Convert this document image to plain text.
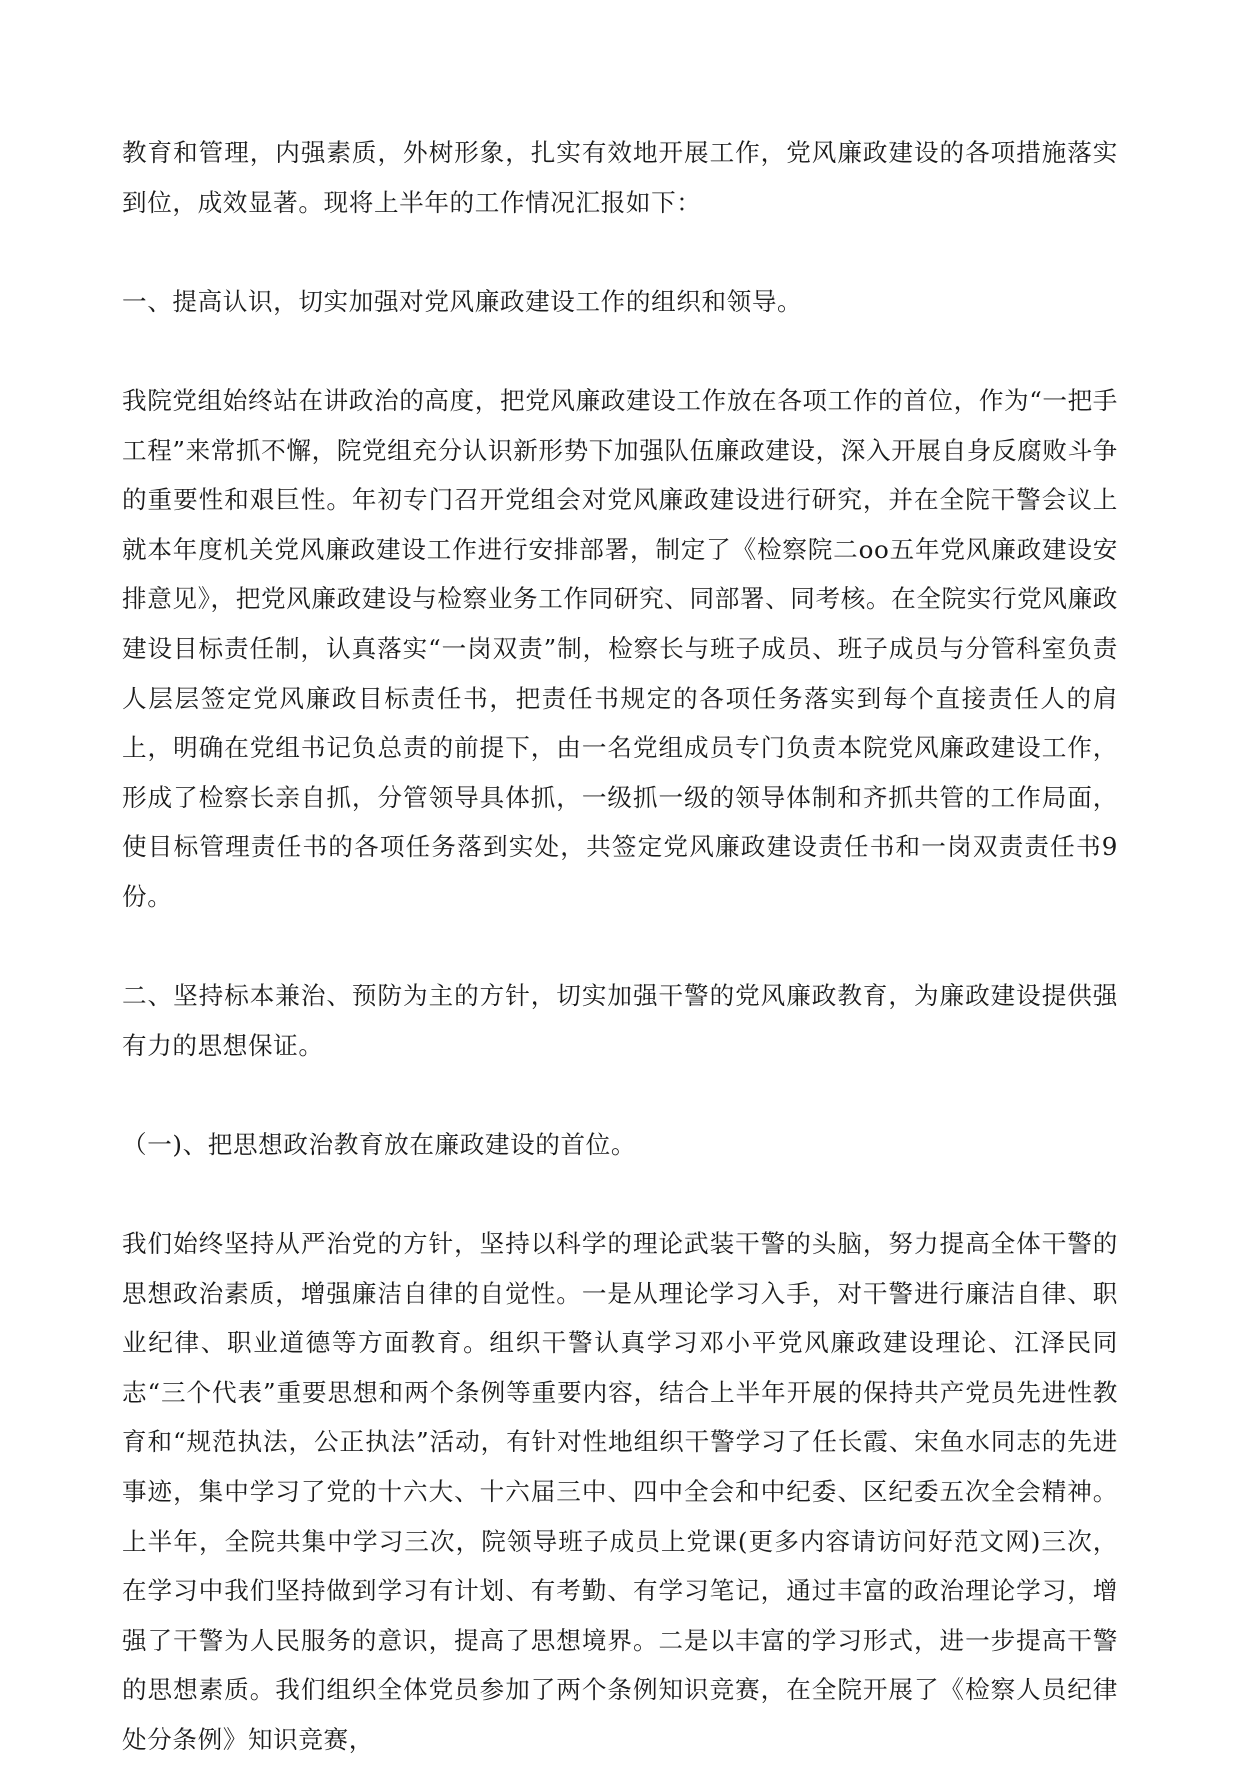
教育和管理，内强素质，外树形象，扎实有效地开展工作，党风廉政建设的各项措施落实到位，成效显著。现将上半年的工作情况汇报如下：

一、提高认识，切实加强对党风廉政建设工作的组织和领导。

我院党组始终站在讲政治的高度，把党风廉政建设工作放在各项工作的首位，作为“一把手工程”来常抓不懈，院党组充分认识新形势下加强队伍廉政建设，深入开展自身反腐败斗争的重要性和艰巨性。年初专门召开党组会对党风廉政建设进行研究，并在全院干警会议上就本年度机关党风廉政建设工作进行安排部署，制定了《检察院二oo五年党风廉政建设安排意见》，把党风廉政建设与检察业务工作同研究、同部署、同考核。在全院实行党风廉政建设目标责任制，认真落实“一岗双责”制，检察长与班子成员、班子成员与分管科室负责人层层签定党风廉政目标责任书，把责任书规定的各项任务落实到每个直接责任人的肩上，明确在党组书记负总责的前提下，由一名党组成员专门负责本院党风廉政建设工作，形成了检察长亲自抓，分管领导具体抓，一级抓一级的领导体制和齐抓共管的工作局面，使目标管理责任书的各项任务落到实处，共签定党风廉政建设责任书和一岗双责责任书9份。

二、坚持标本兼治、预防为主的方针，切实加强干警的党风廉政教育，为廉政建设提供强有力的思想保证。

（一)、把思想政治教育放在廉政建设的首位。

我们始终坚持从严治党的方针，坚持以科学的理论武装干警的头脑，努力提高全体干警的思想政治素质，增强廉洁自律的自觉性。一是从理论学习入手，对干警进行廉洁自律、职业纪律、职业道德等方面教育。组织干警认真学习邓小平党风廉政建设理论、江泽民同志“三个代表”重要思想和两个条例等重要内容，结合上半年开展的保持共产党员先进性教育和“规范执法，公正执法”活动，有针对性地组织干警学习了任长霞、宋鱼水同志的先进事迹，集中学习了党的十六大、十六届三中、四中全会和中纪委、区纪委五次全会精神。上半年，全院共集中学习三次，院领导班子成员上党课(更多内容请访问好范文网)三次，在学习中我们坚持做到学习有计划、有考勤、有学习笔记，通过丰富的政治理论学习，增强了干警为人民服务的意识，提高了思想境界。二是以丰富的学习形式，进一步提高干警的思想素质。我们组织全体党员参加了两个条例知识竞赛，在全院开展了《检察人员纪律处分条例》知识竞赛，
